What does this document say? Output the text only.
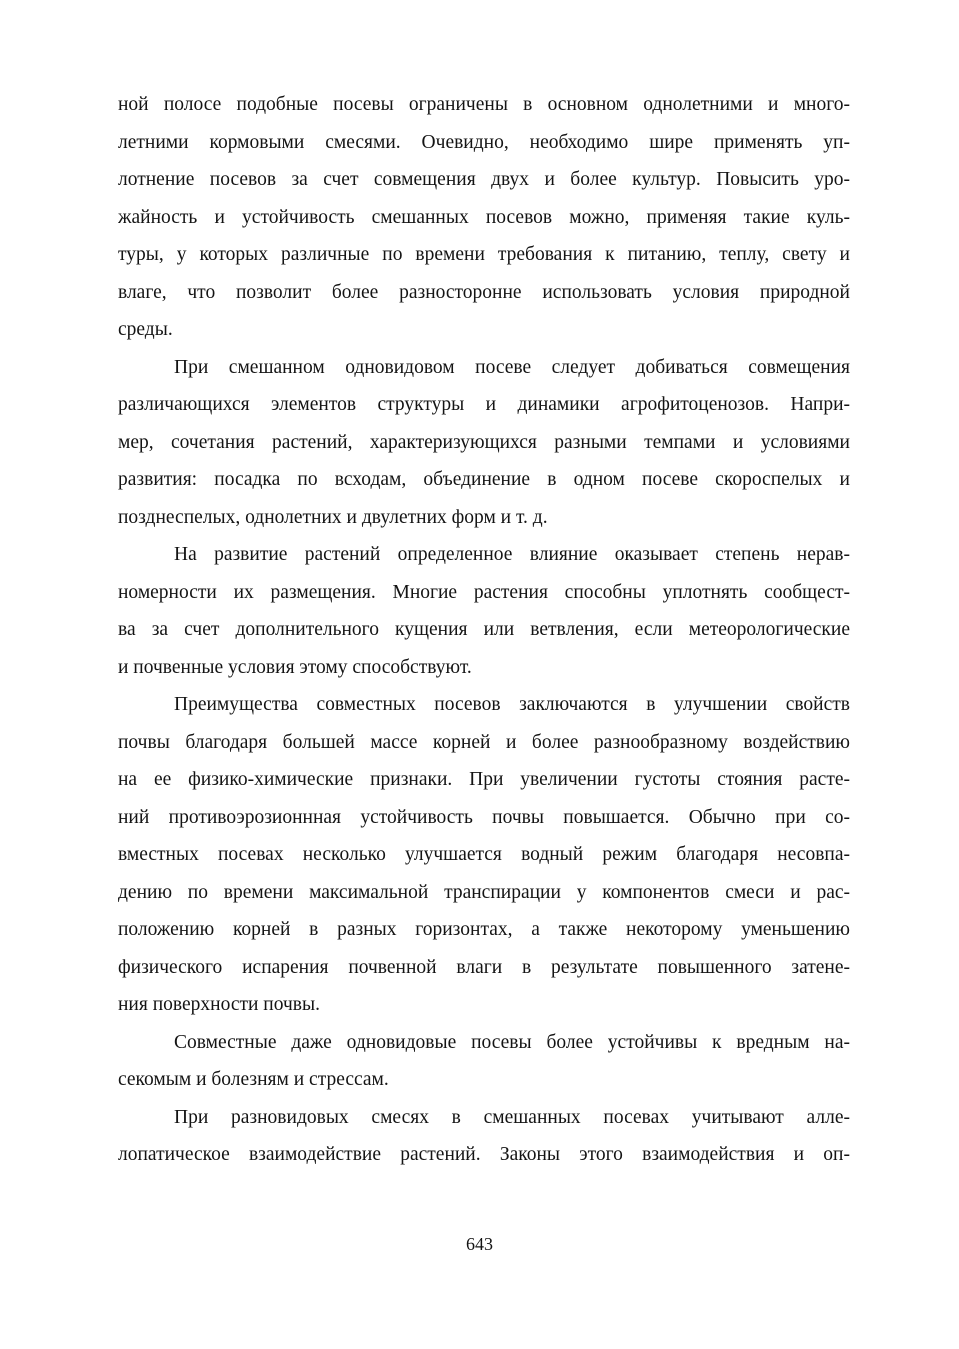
ной полосе подобные посевы ограничены в основном однолетними и много-
летними кормовыми смесями. Очевидно, необходимо шире применять уп-
лотнение посевов за счет совмещения двух и более культур. Повысить уро-
жайность и устойчивость смешанных посевов можно, применяя такие куль-
туры, у которых различные по времени требования к питанию, теплу, свету и
влаге, что позволит более разносторонне использовать условия природной
среды.
При смешанном одновидовом посеве следует добиваться совмещения
различающихся элементов структуры и динамики агрофитоценозов. Напри-
мер, сочетания растений, характеризующихся разными темпами и условиями
развития: посадка по всходам, объединение в одном посеве скороспелых и
позднеспелых, однолетних и двулетних форм и т. д.
На развитие растений определенное влияние оказывает степень нерав-
номерности их размещения. Многие растения способны уплотнять сообщест-
ва за счет дополнительного кущения или ветвления, если метеорологические
и почвенные условия этому способствуют.
Преимущества совместных посевов заключаются в улучшении свойств
почвы благодаря большей массе корней и более разнообразному воздействию
на ее физико-химические признаки. При увеличении густоты стояния расте-
ний противоэрозионнная устойчивость почвы повышается. Обычно при со-
вместных посевах несколько улучшается водный режим благодаря несовпа-
дению по времени максимальной транспирации у компонентов смеси и рас-
положению корней в разных горизонтах, а также некоторому уменьшению
физического испарения почвенной влаги в результате повышенного затене-
ния поверхности почвы.
Совместные даже одновидовые посевы более устойчивы к вредным на-
секомым и болезням и стрессам.
При разновидовых смесях в смешанных посевах учитывают алле-
лопатическое взаимодействие растений. Законы этого взаимодействия и оп-
643
